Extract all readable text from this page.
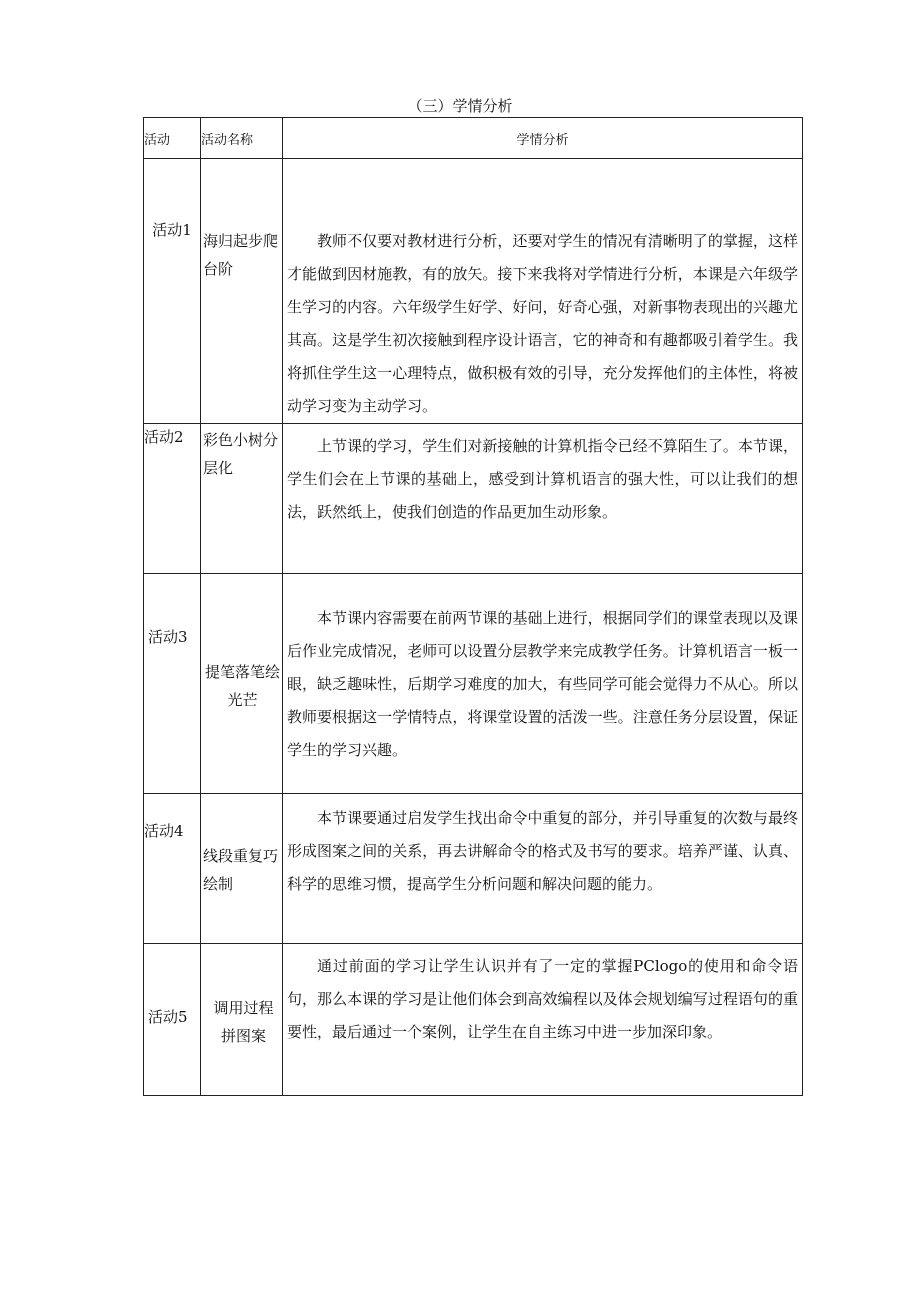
（三）学情分析
活动	活动名称	学情分析
活动1	海归起步爬台阶	教师不仅要对教材进行分析，还要对学生的情况有清晰明了的掌握，这样才能做到因材施教，有的放矢。接下来我将对学情进行分析，本课是六年级学生学习的内容。六年级学生好学、好问，好奇心强，对新事物表现出的兴趣尤其高。这是学生初次接触到程序设计语言，它的神奇和有趣都吸引着学生。我将抓住学生这一心理特点，做积极有效的引导，充分发挥他们的主体性，将被动学习变为主动学习。

活动2	彩色小树分层化	上节课的学习，学生们对新接触的计算机指令已经不算陌生了。本节课，学生们会在上节课的基础上，感受到计算机语言的强大性，可以让我们的想法，跃然纸上，使我们创造的作品更加生动形象。

活动3	提笔落笔绘光芒	本节课内容需要在前两节课的基础上进行，根据同学们的课堂表现以及课后作业完成情况，老师可以设置分层教学来完成教学任务。计算机语言一板一眼，缺乏趣味性，后期学习难度的加大，有些同学可能会觉得力不从心。所以教师要根据这一学情特点，将课堂设置的活泼一些。注意任务分层设置，保证学生的学习兴趣。

活动4	线段重复巧绘制	本节课要通过启发学生找出命令中重复的部分，并引导重复的次数与最终形成图案之间的关系，再去讲解命令的格式及书写的要求。培养严谨、认真、科学的思维习惯，提高学生分析问题和解决问题的能力。

活动5	调用过程拼图案	通过前面的学习让学生认识并有了一定的掌握PClogo的使用和命令语句，那么本课的学习是让他们体会到高效编程以及体会规划编写过程语句的重要性，最后通过一个案例，让学生在自主练习中进一步加深印象。
